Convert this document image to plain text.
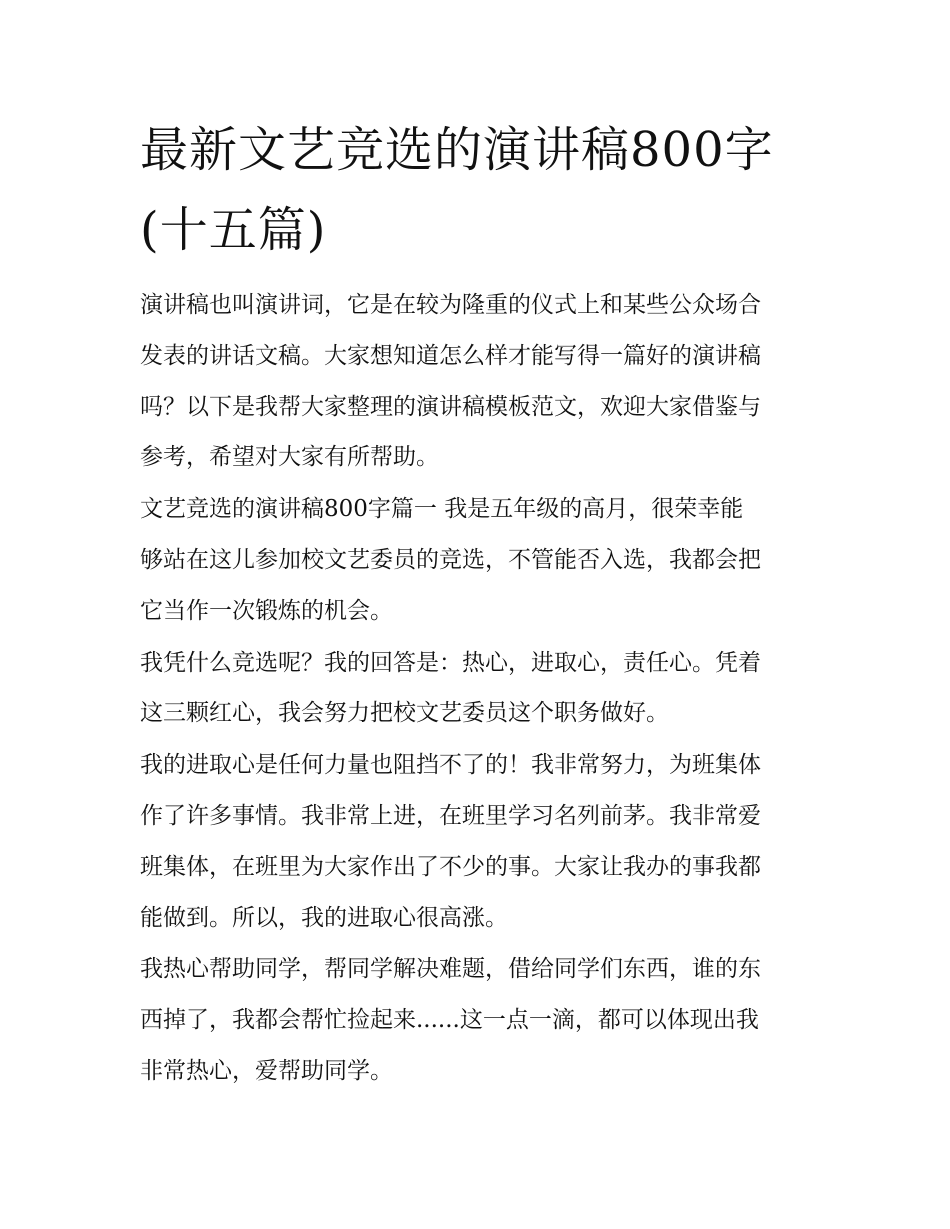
最新文艺竞选的演讲稿800字
(十五篇)

演讲稿也叫演讲词，它是在较为隆重的仪式上和某些公众场合
发表的讲话文稿。大家想知道怎么样才能写得一篇好的演讲稿
吗？以下是我帮大家整理的演讲稿模板范文，欢迎大家借鉴与
参考，希望对大家有所帮助。

文艺竞选的演讲稿800字篇一 我是五年级的高月，很荣幸能
够站在这儿参加校文艺委员的竞选，不管能否入选，我都会把
它当作一次锻炼的机会。

我凭什么竞选呢？我的回答是：热心，进取心，责任心。凭着
这三颗红心，我会努力把校文艺委员这个职务做好。

我的进取心是任何力量也阻挡不了的！我非常努力，为班集体
作了许多事情。我非常上进，在班里学习名列前茅。我非常爱
班集体，在班里为大家作出了不少的事。大家让我办的事我都
能做到。所以，我的进取心很高涨。

我热心帮助同学，帮同学解决难题，借给同学们东西，谁的东
西掉了，我都会帮忙捡起来......这一点一滴，都可以体现出我
非常热心，爱帮助同学。
